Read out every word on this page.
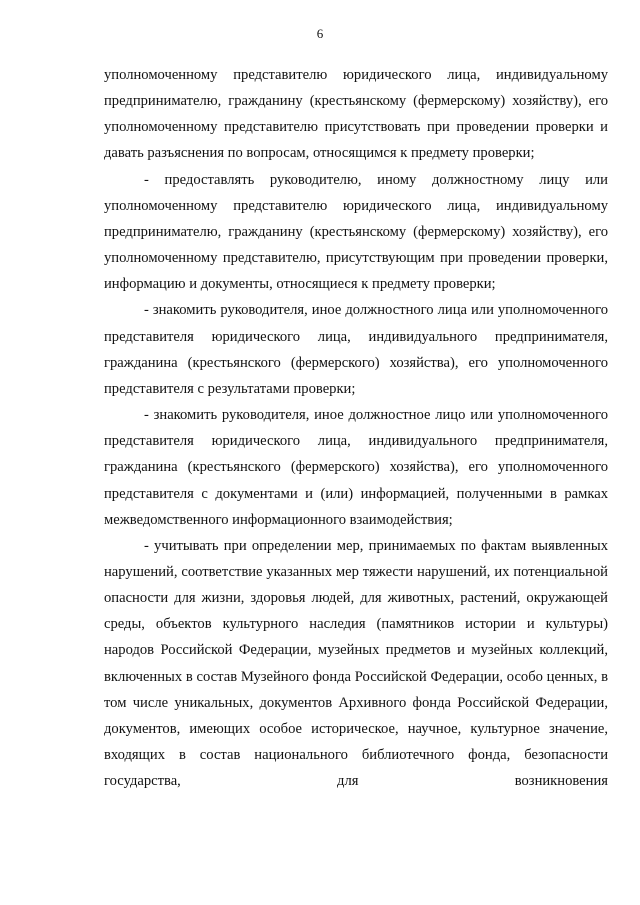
6

уполномоченному представителю юридического лица, индивидуальному предпринимателю, гражданину (крестьянскому (фермерскому) хозяйству), его уполномоченному представителю присутствовать при проведении проверки и давать разъяснения по вопросам, относящимся к предмету проверки;

- предоставлять руководителю, иному должностному лицу или уполномоченному представителю юридического лица, индивидуальному предпринимателю, гражданину (крестьянскому (фермерскому) хозяйству), его уполномоченному представителю, присутствующим при проведении проверки, информацию и документы, относящиеся к предмету проверки;

- знакомить руководителя, иное должностного лица или уполномоченного представителя юридического лица, индивидуального предпринимателя, гражданина (крестьянского (фермерского) хозяйства), его уполномоченного представителя с результатами проверки;

- знакомить руководителя, иное должностное лицо или уполномоченного представителя юридического лица, индивидуального предпринимателя, гражданина (крестьянского (фермерского) хозяйства), его уполномоченного представителя с документами и (или) информацией, полученными в рамках межведомственного информационного взаимодействия;

- учитывать при определении мер, принимаемых по фактам выявленных нарушений, соответствие указанных мер тяжести нарушений, их потенциальной опасности для жизни, здоровья людей, для животных, растений, окружающей среды, объектов культурного наследия (памятников истории и культуры) народов Российской Федерации, музейных предметов и музейных коллекций, включенных в состав Музейного фонда Российской Федерации, особо ценных, в том числе уникальных, документов Архивного фонда Российской Федерации, документов, имеющих особое историческое, научное, культурное значение, входящих в состав национального библиотечного фонда, безопасности государства, для возникновения
